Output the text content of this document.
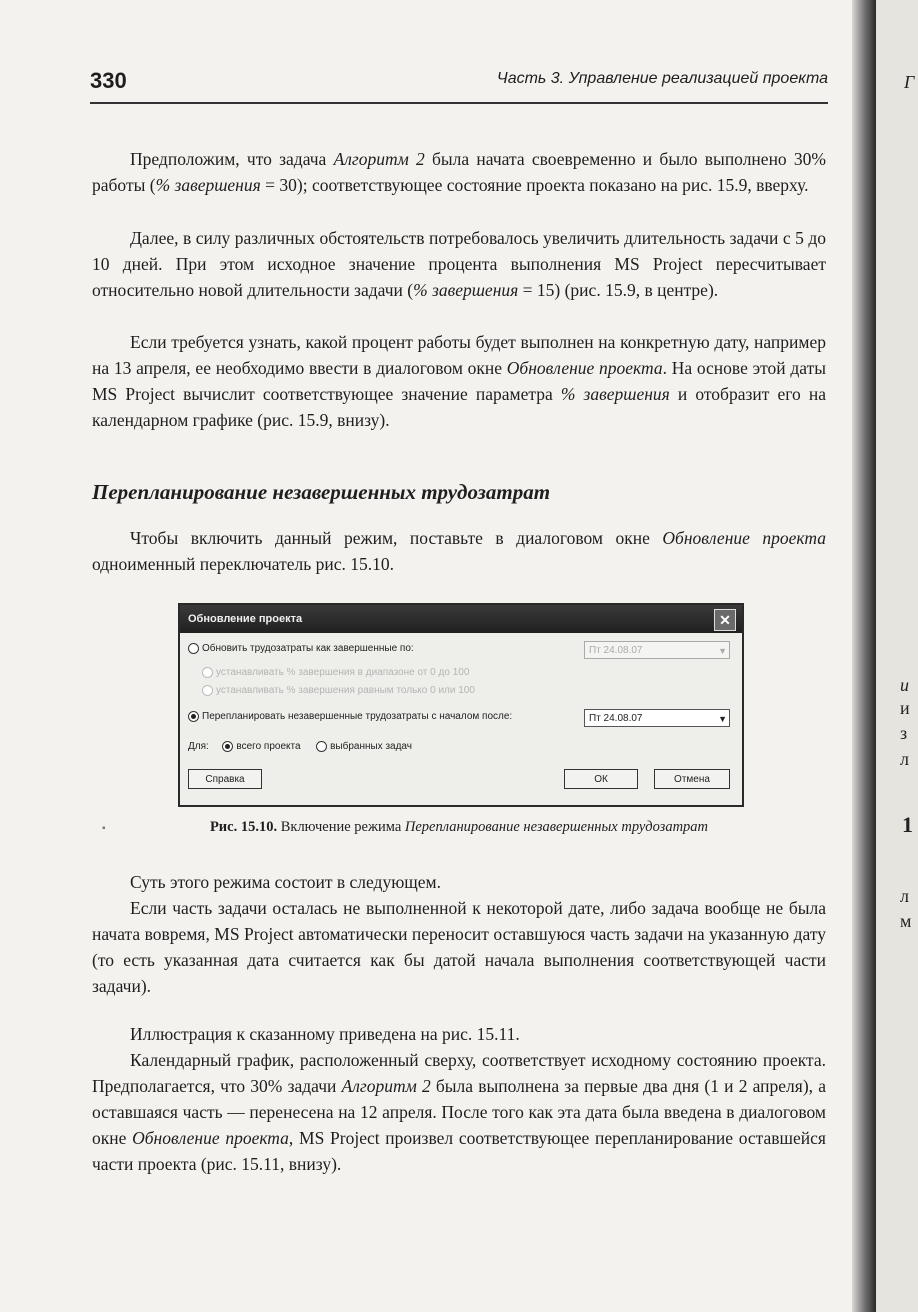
Г
и
и
з
л
1
л
м
330	Часть 3. Управление реализацией проекта

Предположим, что задача Алгоритм 2 была начата своевременно и было выполнено 30% работы (% завершения = 30); соответствующее состояние проекта показано на рис. 15.9, вверху.

Далее, в силу различных обстоятельств потребовалось увеличить длительность задачи с 5 до 10 дней. При этом исходное значение процента выполнения MS Project пересчитывает относительно новой длительности задачи (% завершения = 15) (рис. 15.9, в центре).

Если требуется узнать, какой процент работы будет выполнен на конкретную дату, например на 13 апреля, ее необходимо ввести в диалоговом окне Обновление проекта. На основе этой даты MS Project вычислит соответствующее значение параметра % завершения и отобразит его на календарном графике (рис. 15.9, внизу).

Перепланирование незавершенных трудозатрат

Чтобы включить данный режим, поставьте в диалоговом окне Обновление проекта одноименный переключатель рис. 15.10.

Обновление проекта	✕
Обновить трудозатраты как завершенные по:	Пт 24.08.07	▼
устанавливать % завершения в диапазоне от 0 до 100
устанавливать % завершения равным только 0 или 100
Перепланировать незавершенные трудозатраты с началом после:	Пт 24.08.07	▼
Для:	всего проекта	выбранных задач
Справка	ОК	Отмена
▪	Рис. 15.10. Включение режима Перепланирование незавершенных трудозатрат

Суть этого режима состоит в следующем.

Если часть задачи осталась не выполненной к некоторой дате, либо задача вообще не была начата вовремя, MS Project автоматически переносит оставшуюся часть задачи на указанную дату (то есть указанная дата считается как бы датой начала выполнения соответствующей части задачи).

Иллюстрация к сказанному приведена на рис. 15.11.

Календарный график, расположенный сверху, соответствует исходному состоянию проекта. Предполагается, что 30% задачи Алгоритм 2 была выполнена за первые два дня (1 и 2 апреля), а оставшаяся часть — перенесена на 12 апреля. После того как эта дата была введена в диалоговом окне Обновление проекта, MS Project произвел соответствующее перепланирование оставшейся части проекта (рис. 15.11, внизу).
